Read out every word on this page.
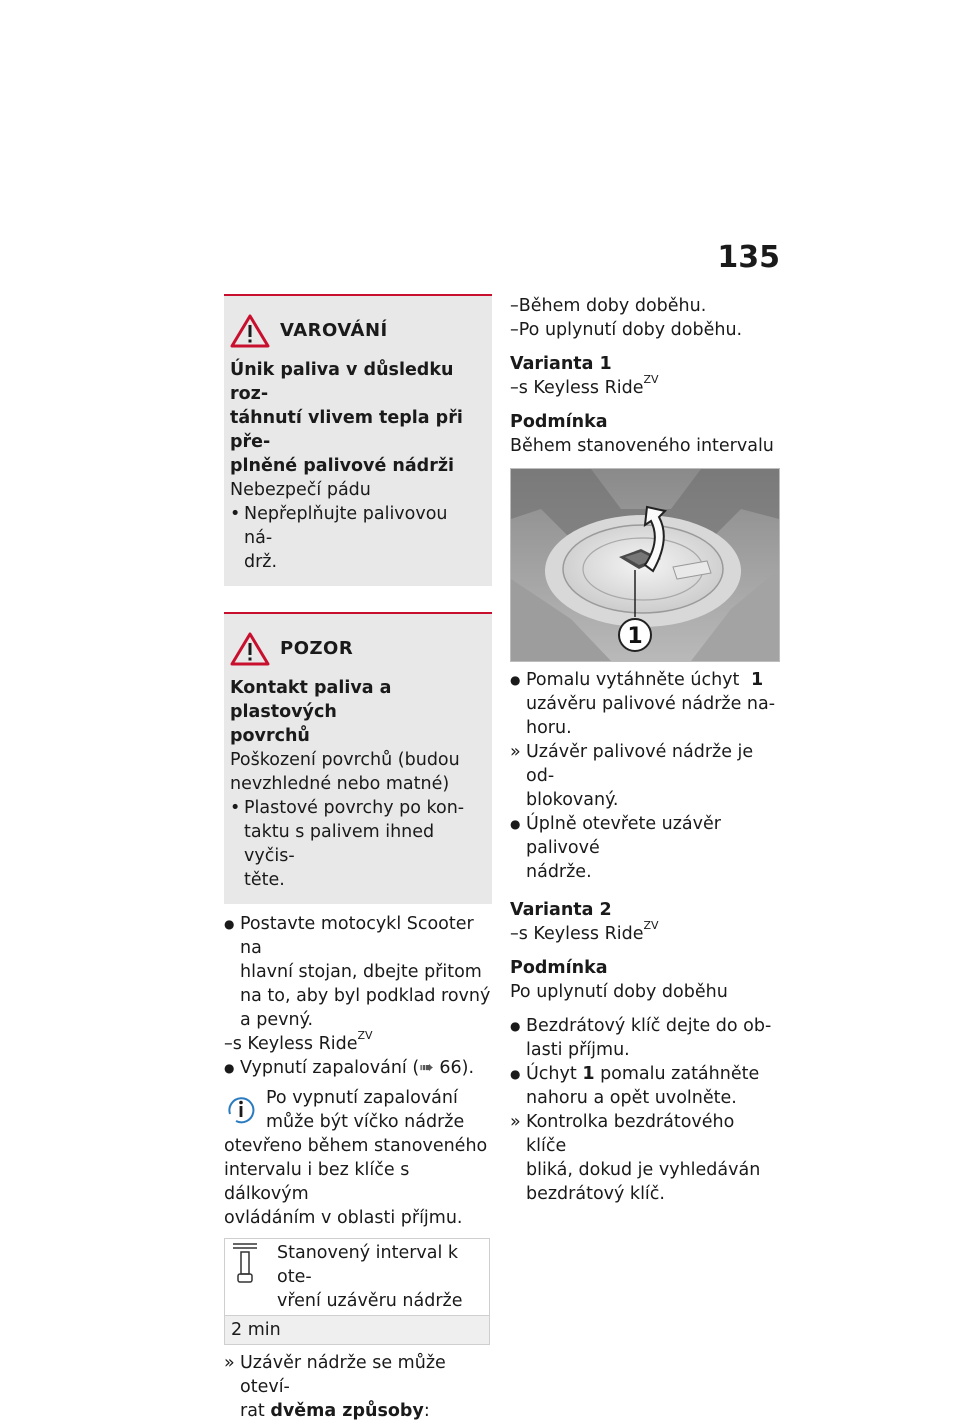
135
VAROVÁNÍ
Únik paliva v důsledku roz-
táhnutí vlivem tepla při pře-
plněné palivové nádrži
Nebezpečí pádu
• Nepřeplňujte palivovou ná-
drž.
POZOR
Kontakt paliva a plastových
povrchů
Poškození povrchů (budou
nevzhledné nebo matné)
• Plastové povrchy po kon-
taktu s palivem ihned vyčis-
těte.
● Postavte motocykl Scooter na
hlavní stojan, dbejte přitom
na to, aby byl podklad rovný
a pevný.
–s Keyless Ride$^{ZV}$
● Vypnutí zapalování (➠ 66).
Po vypnutí zapalování
může být víčko nádrže
otevřeno během stanoveného
intervalu i bez klíče s dálkovým
ovládáním v oblasti příjmu.

Stanovený interval k ote-
vření uzávěru nádrže

2 min
» Uzávěr nádrže se může oteví-
rat dvěma způsoby:
–Během doby doběhu.
–Po uplynutí doby doběhu.
Varianta 1
–s Keyless Ride$^{ZV}$
Podmínka
Během stanoveného intervalu
1
● Pomalu vytáhněte úchyt 1
uzávěru palivové nádrže na-
horu.
» Uzávěr palivové nádrže je od-
blokovaný.
● Úplně otevřete uzávěr palivové
nádrže.
Varianta 2
–s Keyless Ride$^{ZV}$
Podmínka
Po uplynutí doby doběhu
● Bezdrátový klíč dejte do ob-
lasti příjmu.
● Úchyt 1 pomalu zatáhněte
nahoru a opět uvolněte.
» Kontrolka bezdrátového klíče
bliká, dokud je vyhledáván
bezdrátový klíč.
